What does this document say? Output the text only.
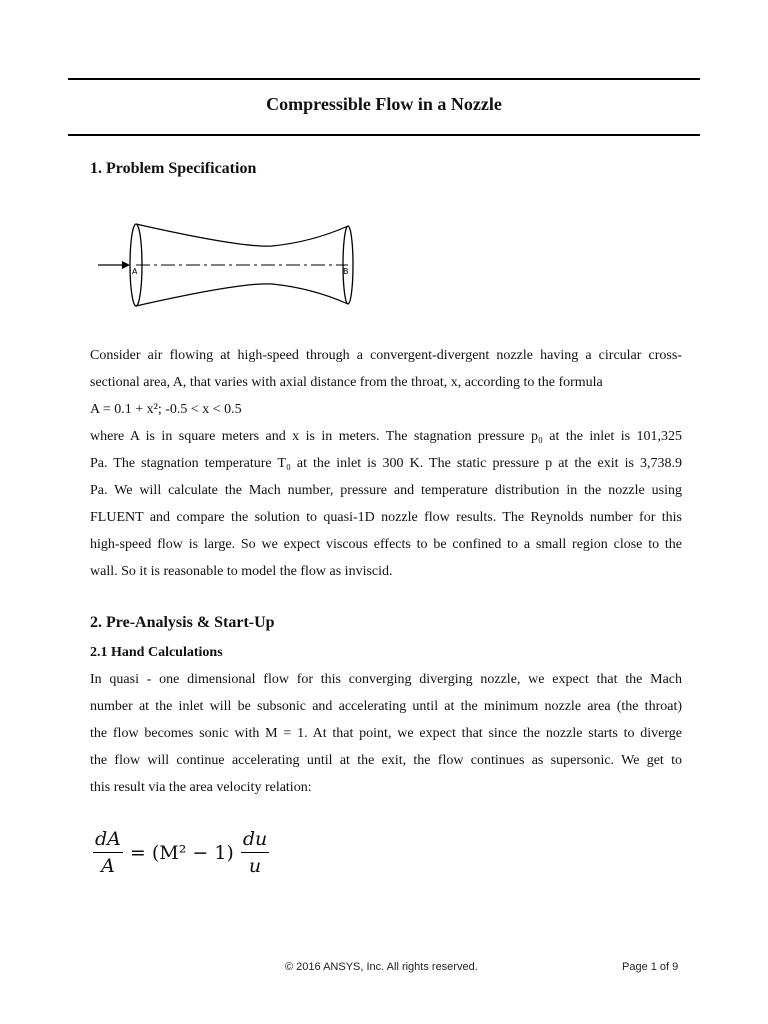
Compressible Flow in a Nozzle
1. Problem Specification
A	B
Consider air flowing at high-speed through a convergent-divergent nozzle having a circular cross-
sectional area, A, that varies with axial distance from the throat, x, according to the formula
A = 0.1 + x²; -0.5 < x < 0.5
where A is in square meters and x is in meters. The stagnation pressure p₀ at the inlet is 101,325
Pa. The stagnation temperature T₀ at the inlet is 300 K. The static pressure p at the exit is 3,738.9
Pa. We will calculate the Mach number, pressure and temperature distribution in the nozzle using
FLUENT and compare the solution to quasi-1D nozzle flow results. The Reynolds number for this
high-speed flow is large. So we expect viscous effects to be confined to a small region close to the
wall. So it is reasonable to model the flow as inviscid.
2. Pre-Analysis & Start-Up
2.1 Hand Calculations
In quasi - one dimensional flow for this converging diverging nozzle, we expect that the Mach
number at the inlet will be subsonic and accelerating until at the minimum nozzle area (the throat)
the flow becomes sonic with M = 1. At that point, we expect that since the nozzle starts to diverge
the flow will continue accelerating until at the exit, the flow continues as supersonic. We get to
this result via the area velocity relation:
$\frac{dA}{A} = (M^2 - 1) \frac{du}{u}$
© 2016 ANSYS, Inc. All rights reserved.	Page 1 of 9
